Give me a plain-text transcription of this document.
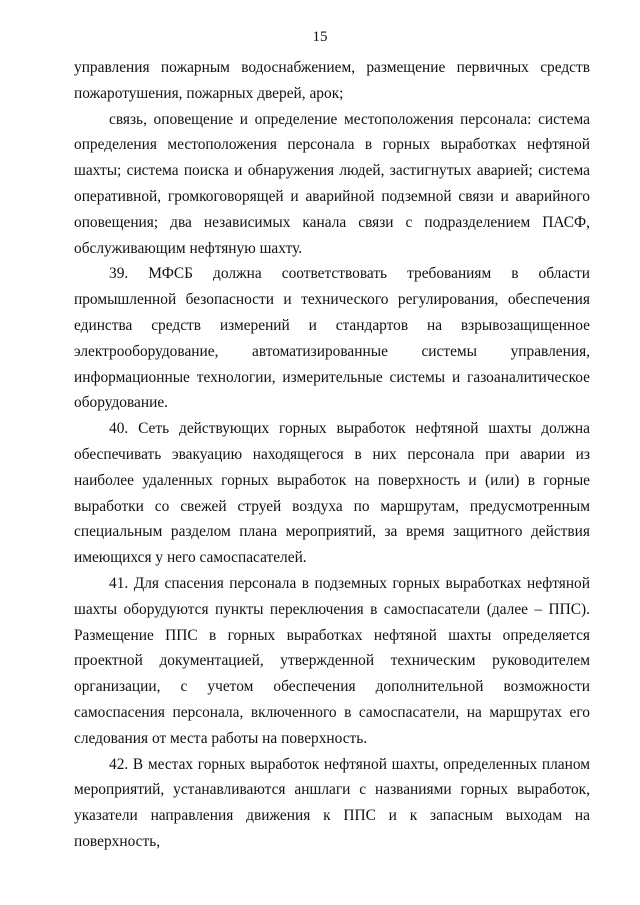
15

управления пожарным водоснабжением, размещение первичных средств пожаротушения, пожарных дверей, арок;

связь, оповещение и определение местоположения персонала: система определения местоположения персонала в горных выработках нефтяной шахты; система поиска и обнаружения людей, застигнутых аварией; система оперативной, громкоговорящей и аварийной подземной связи и аварийного оповещения; два независимых канала связи с подразделением ПАСФ, обслуживающим нефтяную шахту.

39. МФСБ должна соответствовать требованиям в области промышленной безопасности и технического регулирования, обеспечения единства средств измерений и стандартов на взрывозащищенное электрооборудование, автоматизированные системы управления, информационные технологии, измерительные системы и газоаналитическое оборудование.

40. Сеть действующих горных выработок нефтяной шахты должна обеспечивать эвакуацию находящегося в них персонала при аварии из наиболее удаленных горных выработок на поверхность и (или) в горные выработки со свежей струей воздуха по маршрутам, предусмотренным специальным разделом плана мероприятий, за время защитного действия имеющихся у него самоспасателей.

41. Для спасения персонала в подземных горных выработках нефтяной шахты оборудуются пункты переключения в самоспасатели (далее – ППС). Размещение ППС в горных выработках нефтяной шахты определяется проектной документацией, утвержденной техническим руководителем организации, с учетом обеспечения дополнительной возможности самоспасения персонала, включенного в самоспасатели, на маршрутах его следования от места работы на поверхность.

42. В местах горных выработок нефтяной шахты, определенных планом мероприятий, устанавливаются аншлаги с названиями горных выработок, указатели направления движения к ППС и к запасным выходам на поверхность,
